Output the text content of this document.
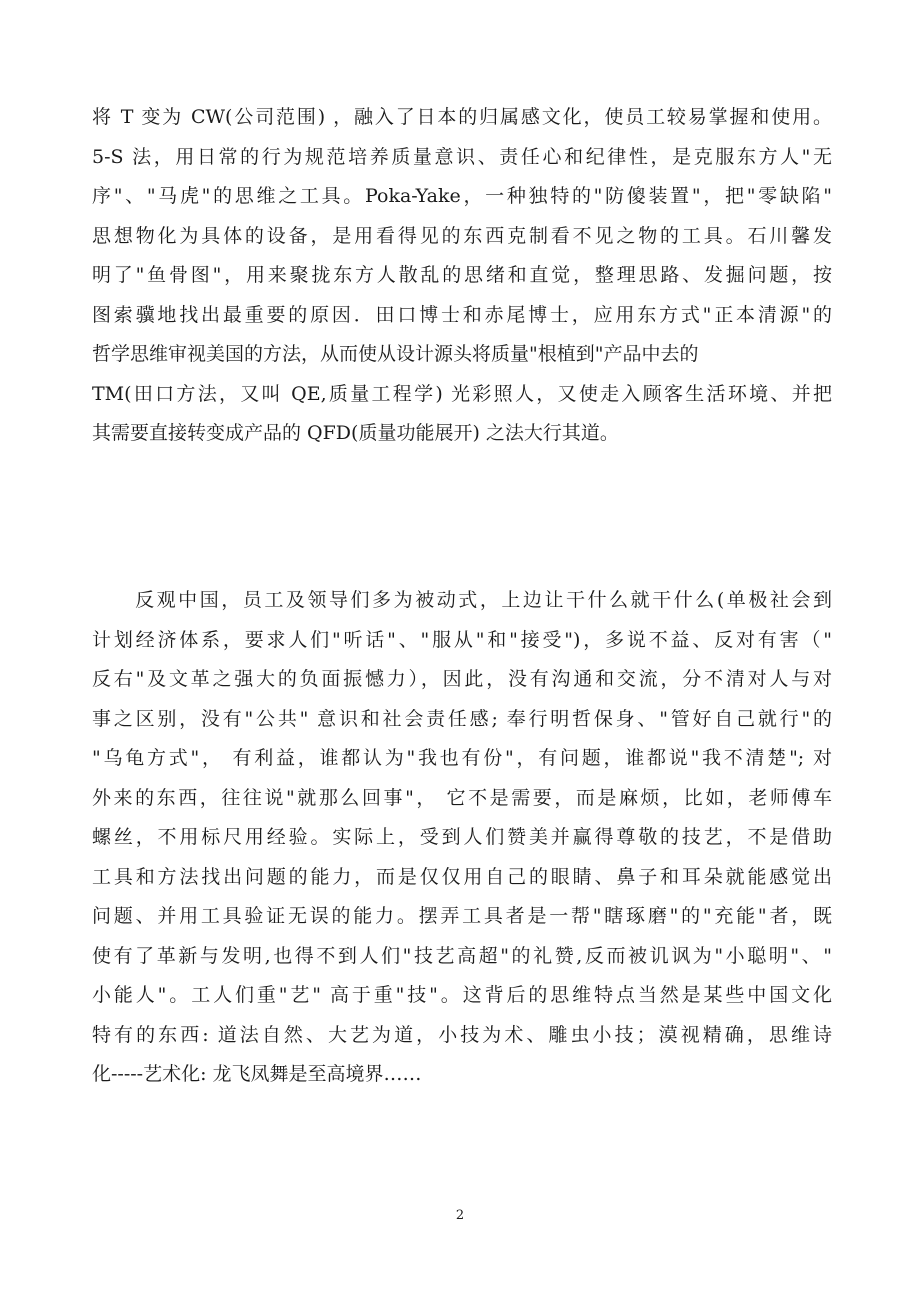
将 T 变为 CW(公司范围) ，融入了日本的归属感文化，使员工较易掌握和使用。
5-S 法，用日常的行为规范培养质量意识、责任心和纪律性，是克服东方人"无
序"、"马虎"的思维之工具。Poka-Yake，一种独特的"防傻装置"，把"零缺陷"
思想物化为具体的设备，是用看得见的东西克制看不见之物的工具。石川馨发
明了"鱼骨图"，用来聚拢东方人散乱的思绪和直觉，整理思路、发掘问题，按
图索骥地找出最重要的原因．田口博士和赤尾博士，应用东方式"正本清源"的
哲学思维审视美国的方法，从而使从设计源头将质量"根植到"产品中去的
TM(田口方法，又叫 QE,质量工程学) 光彩照人，又使走入顾客生活环境、并把
其需要直接转变成产品的 QFD(质量功能展开) 之法大行其道。

　　反观中国，员工及领导们多为被动式，上边让干什么就干什么(单极社会到
计划经济体系，要求人们"听话"、"服从"和"接受")，多说不益、反对有害（"
反右"及文革之强大的负面振憾力），因此，没有沟通和交流，分不清对人与对
事之区别，没有"公共" 意识和社会责任感; 奉行明哲保身、"管好自己就行"的
"乌龟方式"， 有利益，谁都认为"我也有份"，有问题，谁都说"我不清楚"; 对
外来的东西，往往说"就那么回事"， 它不是需要，而是麻烦，比如，老师傅车
螺丝，不用标尺用经验。实际上，受到人们赞美并赢得尊敬的技艺，不是借助
工具和方法找出问题的能力，而是仅仅用自己的眼睛、鼻子和耳朵就能感觉出
问题、并用工具验证无误的能力。摆弄工具者是一帮"瞎琢磨"的"充能"者，既
使有了革新与发明,也得不到人们"技艺高超"的礼赞,反而被讥讽为"小聪明"、"
小能人"。工人们重"艺" 高于重"技"。这背后的思维特点当然是某些中国文化
特有的东西: 道法自然、大艺为道，小技为术、雕虫小技；漠视精确，思维诗
化-----艺术化: 龙飞凤舞是至高境界……

2
